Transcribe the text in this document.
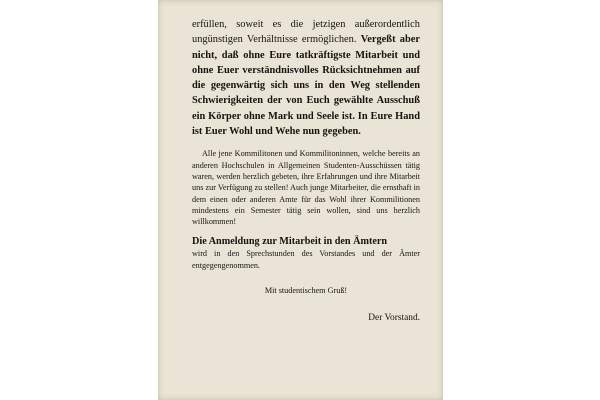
erfüllen, soweit es die jetzigen außerordentlich ungünstigen Verhältnisse ermöglichen. Vergeßt aber nicht, daß ohne Eure tatkräftigste Mitarbeit und ohne Euer verständnisvolles Rücksichtnehmen auf die gegenwärtig sich uns in den Weg stellenden Schwierigkeiten der von Euch gewählte Ausschuß ein Körper ohne Mark und Seele ist. In Eure Hand ist Euer Wohl und Wehe nun gegeben.

Alle jene Kommilitonen und Kommilitoninnen, welche bereits an anderen Hochschulen in Allgemeinen Studenten-Ausschüssen tätig waren, werden herzlich gebeten, ihre Erfahrungen und ihre Mitarbeit uns zur Verfügung zu stellen! Auch junge Mitarbeiter, die ernsthaft in dem einen oder anderen Amte für das Wohl ihrer Kommilitionen mindestens ein Semester tätig sein wollen, sind uns herzlich willkommen!

Die Anmeldung zur Mitarbeit in den Ämtern

wird in den Sprechstunden des Vorstandes und der Ämter entgegengenommen.

Mit studentischem Gruß!

Der Vorstand.
